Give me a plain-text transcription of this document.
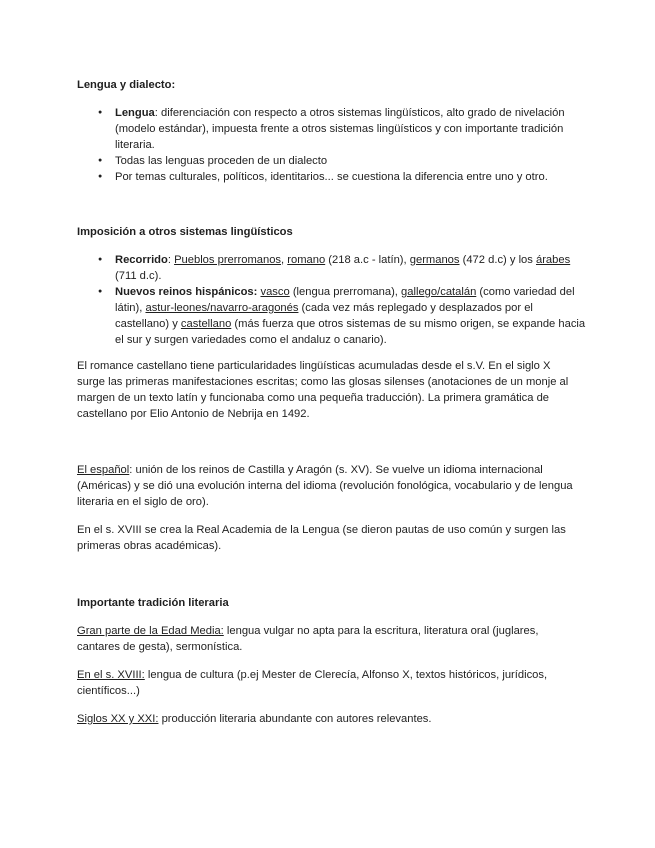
Lengua y dialecto:
● Lengua: diferenciación con respecto a otros sistemas lingüísticos, alto grado de nivelación (modelo estándar), impuesta frente a otros sistemas lingüísticos y con importante tradición literaria.
● Todas las lenguas proceden de un dialecto
● Por temas culturales, políticos, identitarios... se cuestiona la diferencia entre uno y otro.
Imposición a otros sistemas lingüísticos
● Recorrido: Pueblos prerromanos, romano (218 a.c - latín), germanos (472 d.c) y los árabes (711 d.c).
● Nuevos reinos hispánicos: vasco (lengua prerromana), gallego/catalán (como variedad del látin), astur-leones/navarro-aragonés (cada vez más replegado y desplazados por el castellano) y castellano (más fuerza que otros sistemas de su mismo origen, se expande hacia el sur y surgen variedades como el andaluz o canario).

El romance castellano tiene particularidades lingüísticas acumuladas desde el s.V. En el siglo X surge las primeras manifestaciones escritas; como las glosas silenses (anotaciones de un monje al margen de un texto latín y funcionaba como una pequeña traducción). La primera gramática de castellano por Elio Antonio de Nebrija en 1492.

El español: unión de los reinos de Castilla y Aragón (s. XV). Se vuelve un idioma internacional (Américas) y se dió una evolución interna del idioma (revolución fonológica, vocabulario y de lengua literaria en el siglo de oro).

En el s. XVIII se crea la Real Academia de la Lengua (se dieron pautas de uso común y surgen las primeras obras académicas).

Importante tradición literaria

Gran parte de la Edad Media: lengua vulgar no apta para la escritura, literatura oral (juglares, cantares de gesta), sermonística.

En el s. XVIII: lengua de cultura (p.ej Mester de Clerecía, Alfonso X, textos históricos, jurídicos, científicos...)

Siglos XX y XXI: producción literaria abundante con autores relevantes.
